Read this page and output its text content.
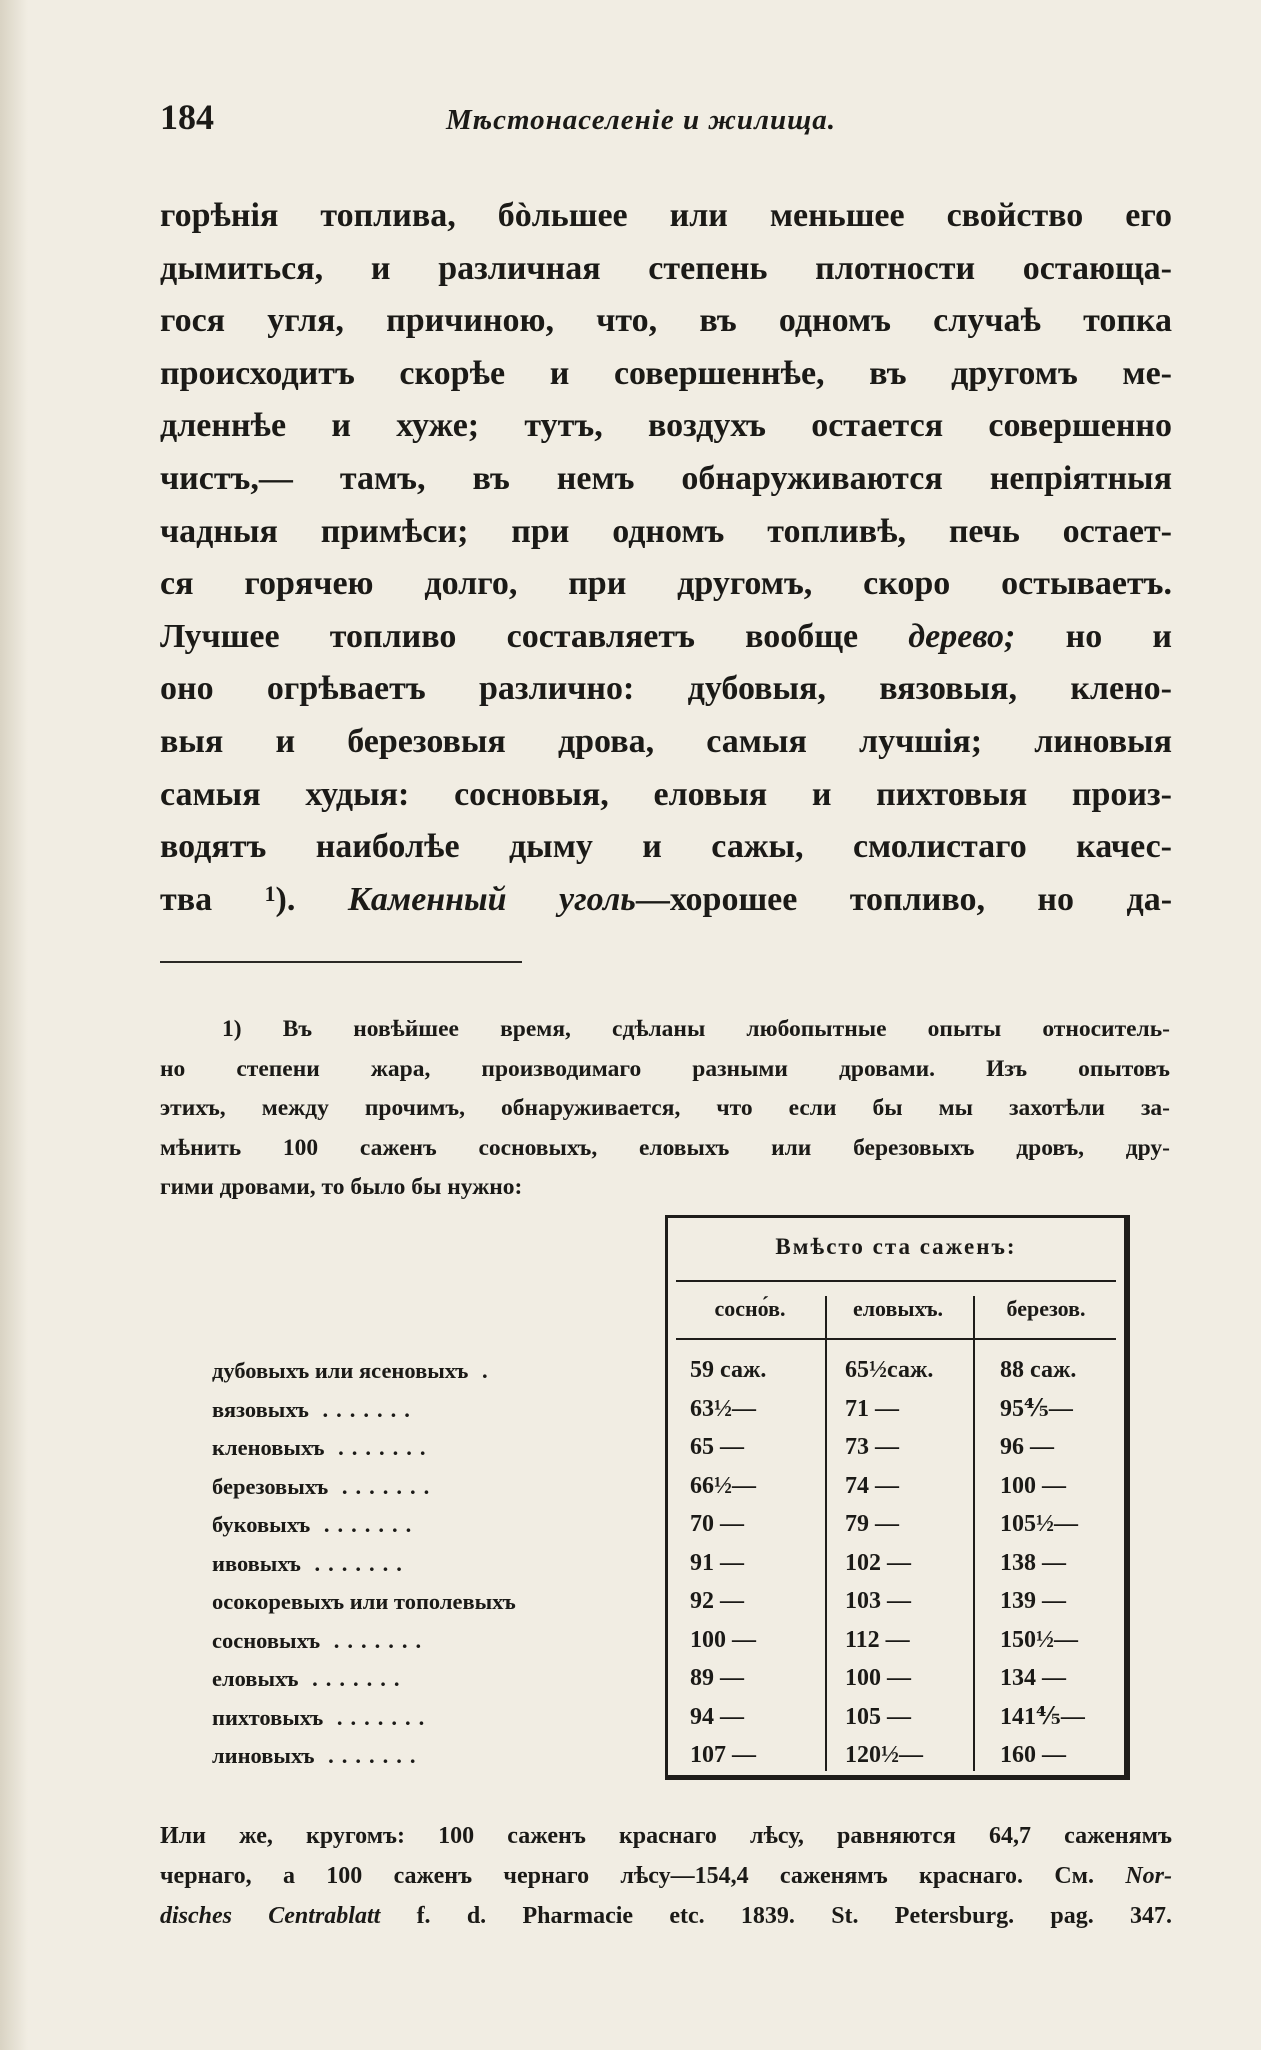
184	Мѣстонаселеніе и жилища.
горѣнія топлива, бòльшее или меньшее свойство его
дымиться, и различная степень плотности остающа-
гося угля, причиною, что, въ одномъ случаѣ топка
происходитъ скорѣе и совершеннѣе, въ другомъ ме-
дленнѣе и хуже; тутъ, воздухъ остается совершенно
чистъ,— тамъ, въ немъ обнаруживаются непріятныя
чадныя примѣси; при одномъ топливѣ, печь остает-
ся горячею долго, при другомъ, скоро остываетъ.
Лучшее топливо составляетъ вообще дерево; но и
оно огрѣваетъ различно: дубовыя, вязовыя, клено-
выя и березовыя дрова, самыя лучшія; линовыя
самыя худыя: сосновыя, еловыя и пихтовыя произ-
водятъ наиболѣе дыму и сажы, смолистаго качес-
тва $^1$). Каменный уголь—хорошее топливо, но да-
1) Въ новѣйшее время, сдѣланы любопытные опыты относитель-
но степени жара, производимаго разными дровами. Изъ опытовъ
этихъ, между прочимъ, обнаруживается, что если бы мы захотѣли за-
мѣнить 100 саженъ сосновыхъ, еловыхъ или березовыхъ дровъ, дру-
гими дровами, то было бы нужно:
Вмѣсто ста саженъ:
сосно́в.	еловыхъ.	березов.
дубовыхъ или ясеновыхъ .	59 саж.	65½саж.	88 саж.
вязовыхъ .......	63½—	71 —	95⅘—
кленовыхъ .......	65 —	73 —	96 —
березовыхъ .......	66½—	74 —	100 —
буковыхъ .......	70 —	79 —	105½—
ивовыхъ .......	91 —	102 —	138 —
осокоревыхъ или тополевыхъ	92 —	103 —	139 —
сосновыхъ .......	100 —	112 —	150½—
еловыхъ .......	89 —	100 —	134 —
пихтовыхъ .......	94 —	105 —	141⅘—
линовыхъ .......	107 —	120½—	160 —
Или же, кругомъ: 100 саженъ краснаго лѣсу, равняются 64,7 саженямъ
чернаго, а 100 саженъ чернаго лѣсу—154,4 саженямъ краснаго. См. Nor-
disches Centrablatt f. d. Pharmacie etc. 1839. St. Petersburg. pag. 347.
